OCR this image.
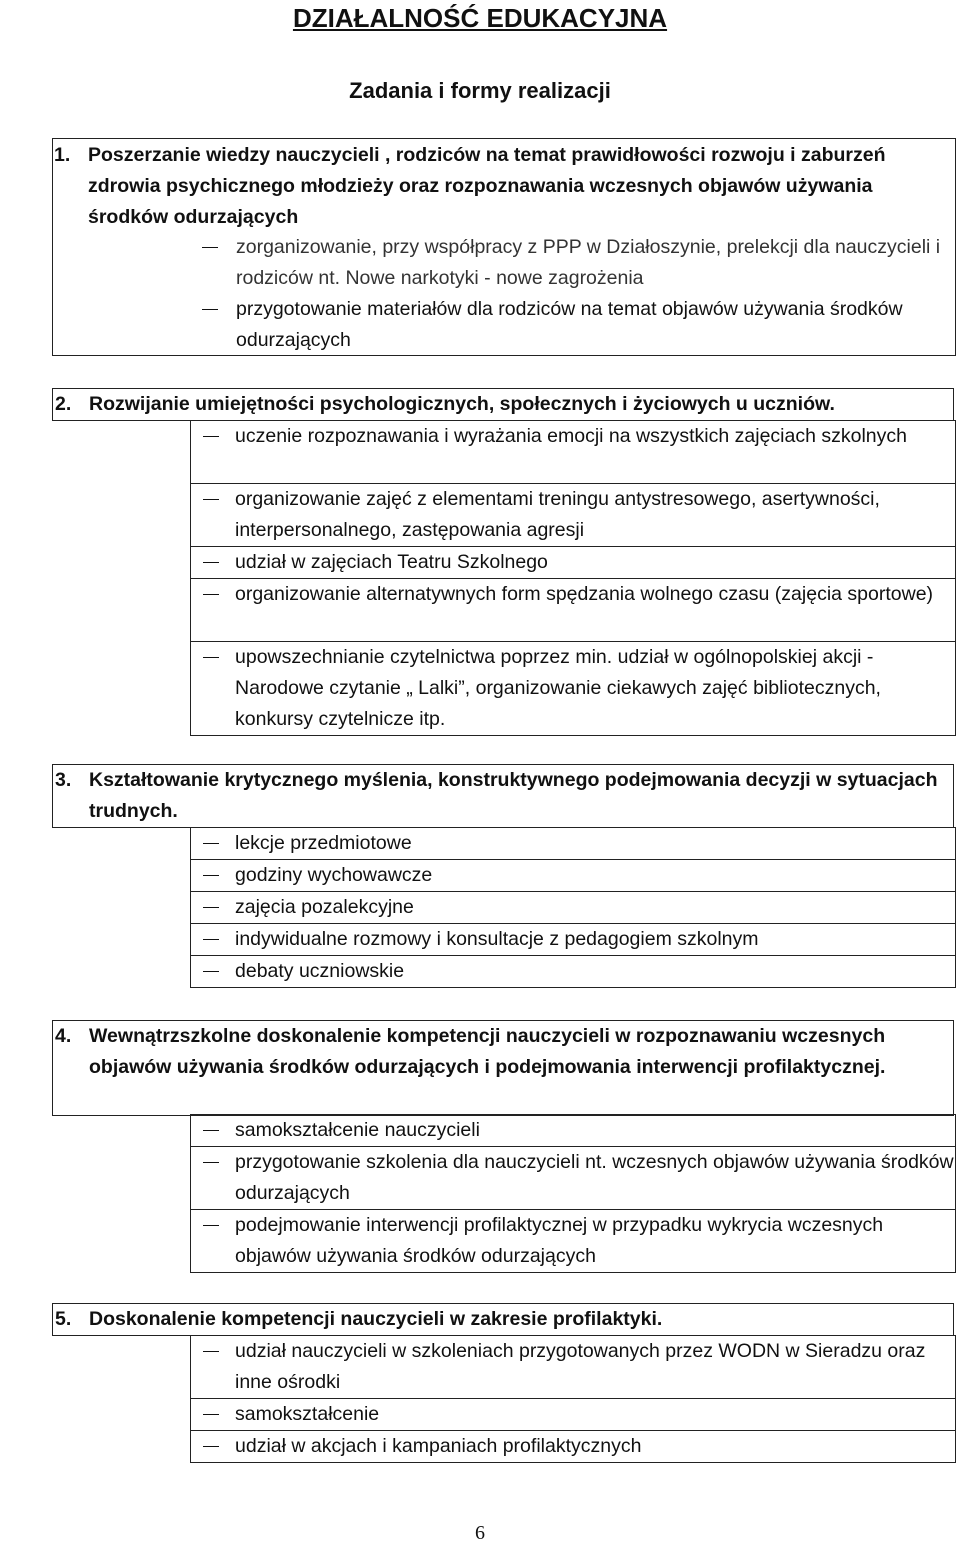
DZIAŁALNOŚĆ EDUKACYJNA
Zadania i formy realizacji
1. Poszerzanie wiedzy nauczycieli , rodziców na temat prawidłowości rozwoju i zaburzeń zdrowia psychicznego młodzieży oraz rozpoznawania wczesnych objawów używania środków odurzających
zorganizowanie, przy współpracy z PPP w Działoszynie, prelekcji dla nauczycieli i rodziców nt. Nowe narkotyki - nowe zagrożenia
przygotowanie materiałów dla rodziców na temat objawów używania środków odurzających
2. Rozwijanie umiejętności psychologicznych, społecznych i życiowych u uczniów.
uczenie rozpoznawania i wyrażania emocji na wszystkich zajęciach szkolnych
organizowanie zajęć z elementami treningu antystresowego, asertywności, interpersonalnego, zastępowania agresji
udział w zajęciach Teatru Szkolnego
organizowanie alternatywnych form spędzania wolnego czasu (zajęcia sportowe)
upowszechnianie czytelnictwa poprzez min. udział w ogólnopolskiej akcji - Narodowe czytanie „ Lalki”, organizowanie ciekawych zajęć bibliotecznych, konkursy czytelnicze itp.
3. Kształtowanie krytycznego myślenia, konstruktywnego podejmowania decyzji w sytuacjach trudnych.
lekcje przedmiotowe
godziny wychowawcze
zajęcia pozalekcyjne
indywidualne rozmowy i konsultacje z pedagogiem szkolnym
debaty uczniowskie
4. Wewnątrzszkolne doskonalenie kompetencji nauczycieli w rozpoznawaniu wczesnych objawów używania środków odurzających i podejmowania interwencji profilaktycznej.
samokształcenie nauczycieli
przygotowanie szkolenia dla nauczycieli nt. wczesnych objawów używania środków odurzających
podejmowanie interwencji profilaktycznej w przypadku wykrycia wczesnych objawów używania środków odurzających
5. Doskonalenie kompetencji nauczycieli w zakresie profilaktyki.
udział nauczycieli w szkoleniach przygotowanych przez WODN w Sieradzu oraz inne ośrodki
samokształcenie
udział w akcjach i kampaniach profilaktycznych
6
